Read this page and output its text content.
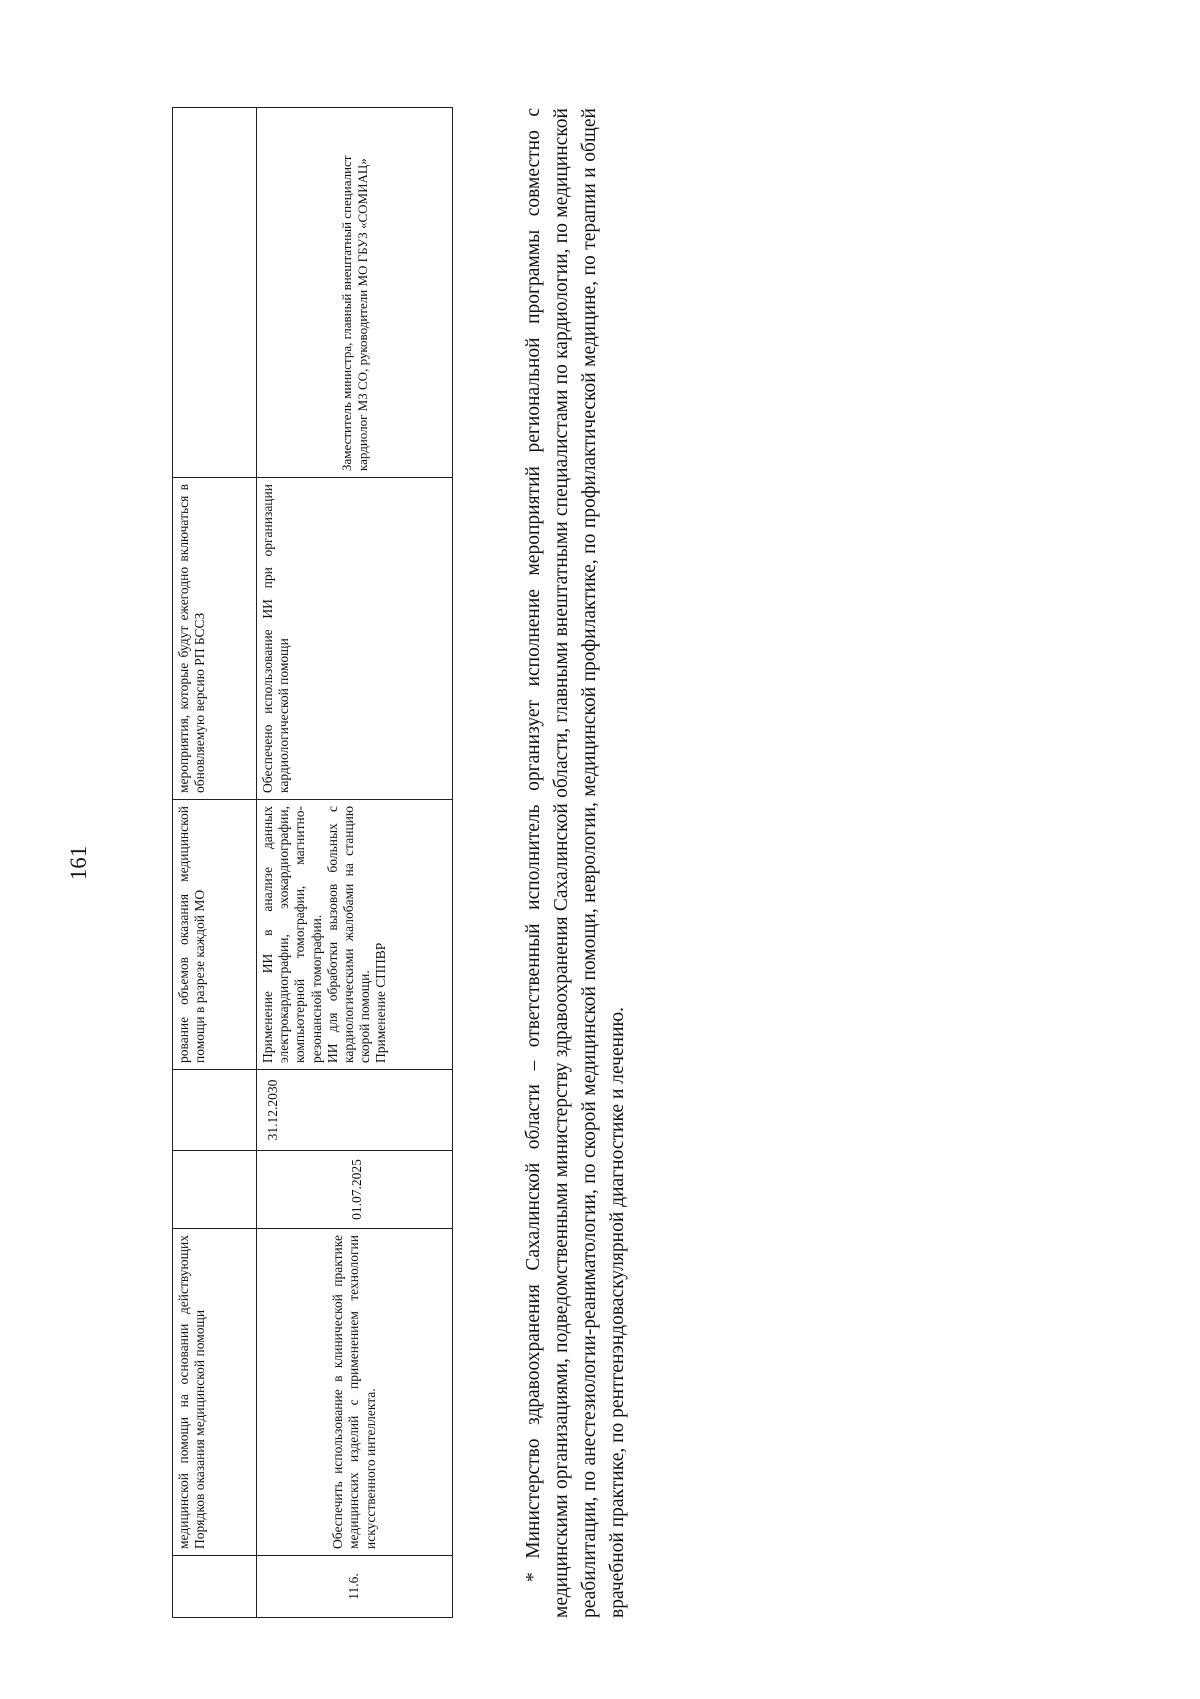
161
	медицинской помощи на основании действующих Порядков оказания медицинской помощи			рование объемов оказания медицинской помощи в разрезе каждой МО	мероприятия, которые будут ежегодно включаться в обновляемую версию РП БССЗ	
11.6.	Обеспечить использование в клинической практике медицинских изделий с применением технологии искусственного интеллекта.	01.07.2025	31.12.2030	Применение ИИ в анализе данных электрокардиографии, эхокардиографии, компьютерной томографии, магнитно-резонансной томографии.
ИИ для обработки вызовов больных с кардиологическими жалобами на станцию скорой помощи.
Применение СППВР	Обеспечено использование ИИ при организации кардиологической помощи	Заместитель министра, главный внештатный специалист кардиолог МЗ СО, руководители МО ГБУЗ «СОМИАЦ»	* Министерство здравоохранения Сахалинской области – ответственный исполнитель организует исполнение мероприятий региональной программы совместно с медицинскими организациями, подведомственными министерству здравоохранения Сахалинской области, главными внештатными специалистами по кардиологии, по медицинской реабилитации, по анестезиологии-реаниматологии, по скорой медицинской помощи, неврологии, медицинской профилактике, по профилактической медицине, по терапии и общей врачебной практике, по рентгенэндоваскулярной диагностике и лечению.
